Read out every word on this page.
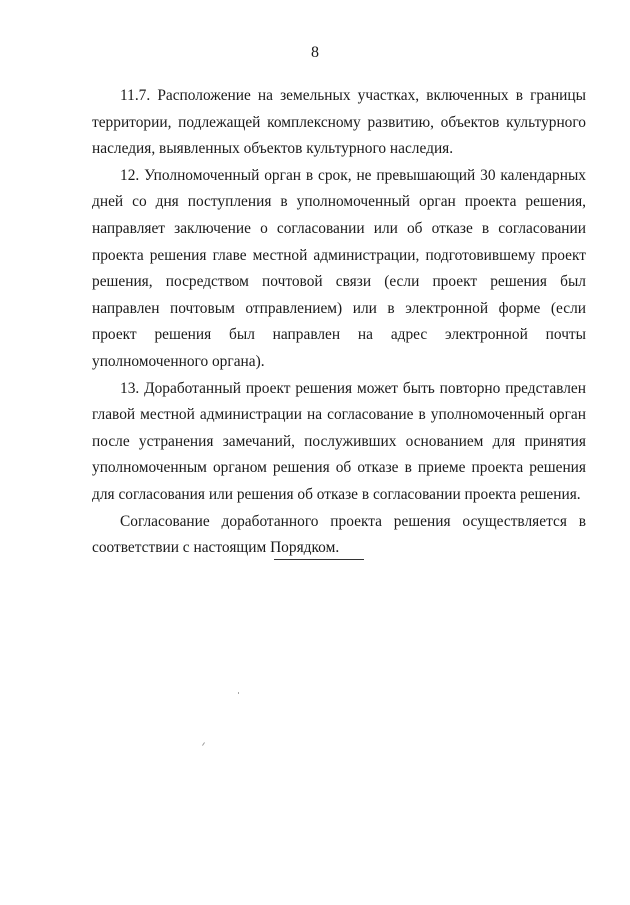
8

11.7. Расположение на земельных участках, включенных в границы территории, подлежащей комплексному развитию, объектов культурного наследия, выявленных объектов культурного наследия.

12. Уполномоченный орган в срок, не превышающий 30 календарных дней со дня поступления в уполномоченный орган проекта решения, направляет заключение о согласовании или об отказе в согласовании проекта решения главе местной администрации, подготовившему проект решения, посредством почтовой связи (если проект решения был направлен почтовым отправлением) или в электронной форме (если проект решения был направлен на адрес электронной почты уполномоченного органа).

13. Доработанный проект решения может быть повторно представлен главой местной администрации на согласование в уполномоченный орган после устранения замечаний, послуживших основанием для принятия уполномоченным органом решения об отказе в приеме проекта решения для согласования или решения об отказе в согласовании проекта решения.

Согласование доработанного проекта решения осуществляется в соответствии с настоящим Порядком.
